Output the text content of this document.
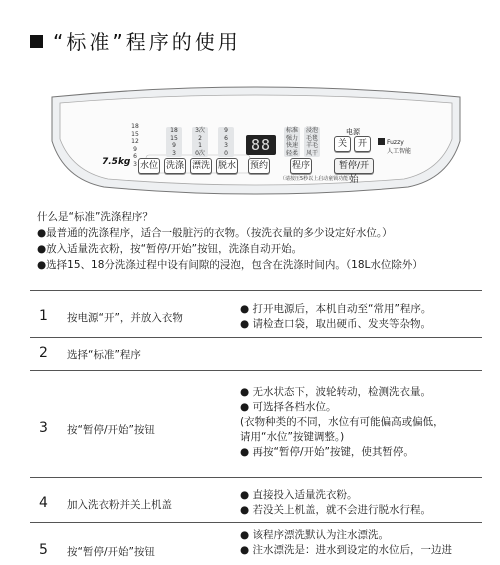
“标准”程序的使用
7.5kg
18
15
12
9
6
3
18
15
9
3
3次
2
1
0次
9
6
3
0	88
标准
强力
快速
轻柔
浸泡
毛毯
羊毛
风干
水位 洗涤 漂洗 脱水 预约	程序
（请按压5秒以上启动童锁功能）
电源
关	开	Fuzzy
人工智能
暂停/开始
什么是“标准”洗涤程序？
●最普通的洗涤程序，适合一般脏污的衣物。（按洗衣量的多少设定好水位。）
●放入适量洗衣粉，按“暂停/开始”按钮，洗涤自动开始。
●选择15、18分洗涤过程中设有间隙的浸泡，包含在洗涤时间内。（18L水位除外）
1 按电源“开”，并放入衣物
● 打开电源后，本机自动至“常用”程序。
● 请检查口袋，取出硬币、发夹等杂物。
2 选择“标准”程序
3 按“暂停/开始”按钮
● 无水状态下，波轮转动，检测洗衣量。
● 可选择各档水位。
(衣物种类的不同，水位有可能偏高或偏低，
请用“水位”按键调整。)
● 再按“暂停/开始”按键，使其暂停。
4 加入洗衣粉并关上机盖
● 直接投入适量洗衣粉。
● 若没关上机盖，就不会进行脱水行程。
5 按“暂停/开始”按钮
● 该程序漂洗默认为注水漂洗。
● 注水漂洗是：进水到设定的水位后，一边进
